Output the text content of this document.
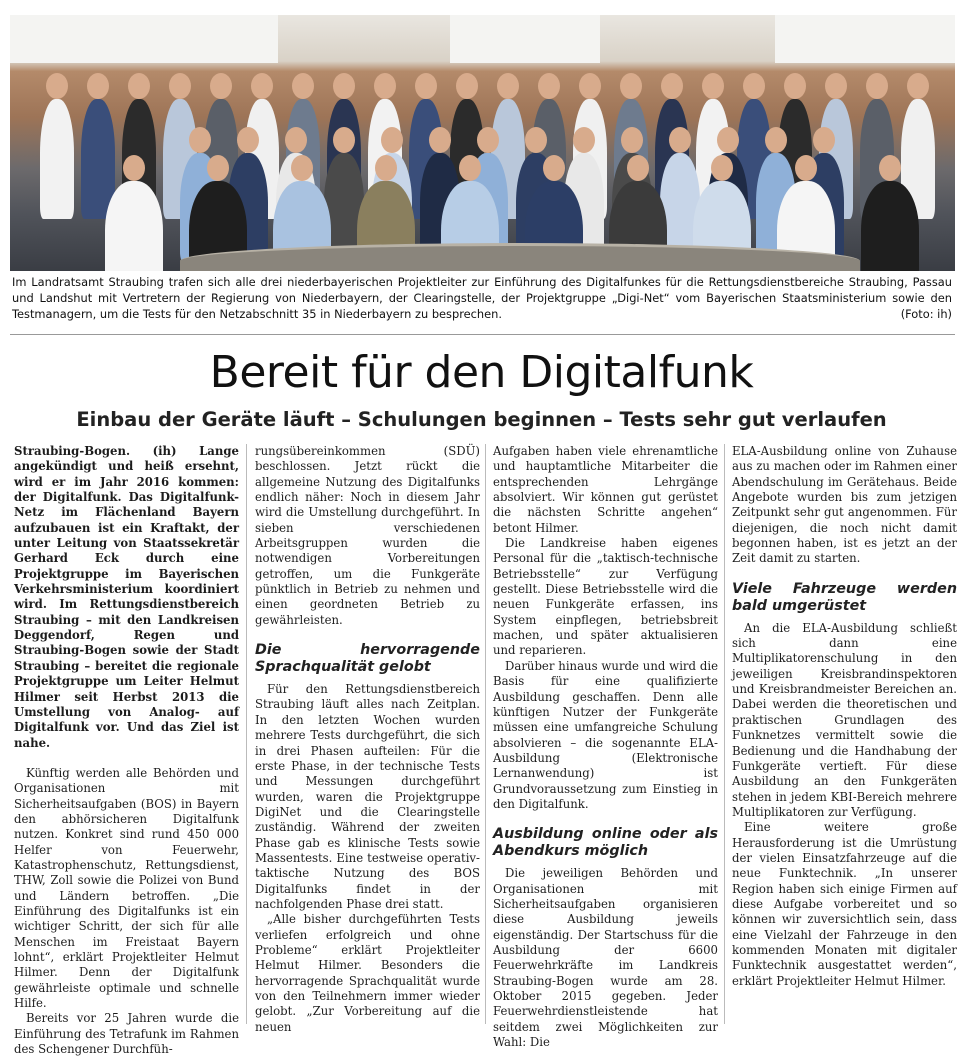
Im Landratsamt Straubing trafen sich alle drei niederbayerischen Projektleiter zur Einführung des Digitalfunkes für die Rettungsdienstbereiche Straubing, Passau und Landshut mit Vertretern der Regierung von Niederbayern, der Clearingstelle, der Projektgruppe „Digi-Net“ vom Bayerischen Staatsministerium sowie den Testmanagern, um die Tests für den Netzabschnitt 35 in Niederbayern zu besprechen.	(Foto: ih)
Bereit für den Digitalfunk
Einbau der Geräte läuft – Schulungen beginnen – Tests sehr gut verlaufen

Straubing-Bogen. (ih) Lange angekündigt und heiß ersehnt, wird er im Jahr 2016 kommen: der Digitalfunk. Das Digitalfunk-Netz im Flächenland Bayern aufzubauen ist ein Kraftakt, der unter Leitung von Staatssekretär Gerhard Eck durch eine Projektgruppe im Bayerischen Verkehrsministerium koordiniert wird. Im Rettungsdienstbereich Straubing – mit den Landkreisen Deggendorf, Regen und Straubing-Bogen sowie der Stadt Straubing – bereitet die regionale Projektgruppe um Leiter Helmut Hilmer seit Herbst 2013 die Umstellung von Analog- auf Digitalfunk vor. Und das Ziel ist nahe.

Künftig werden alle Behörden und Organisationen mit Sicherheitsaufgaben (BOS) in Bayern den abhörsicheren Digitalfunk nutzen. Konkret sind rund 450 000 Helfer von Feuerwehr, Katastrophenschutz, Rettungsdienst, THW, Zoll sowie die Polizei von Bund und Ländern betroffen. „Die Einführung des Digitalfunks ist ein wichtiger Schritt, der sich für alle Menschen im Freistaat Bayern lohnt“, erklärt Projektleiter Helmut Hilmer. Denn der Digitalfunk gewährleiste optimale und schnelle Hilfe.

Bereits vor 25 Jahren wurde die Einführung des Tetrafunk im Rahmen des Schengener Durchfüh-

rungsübereinkommen (SDÜ) beschlossen. Jetzt rückt die allgemeine Nutzung des Digitalfunks endlich näher: Noch in diesem Jahr wird die Umstellung durchgeführt. In sieben verschiedenen Arbeitsgruppen wurden die notwendigen Vorbereitungen getroffen, um die Funkgeräte pünktlich in Betrieb zu nehmen und einen geordneten Betrieb zu gewährleisten.

Die hervorragende Sprachqualität gelobt

Für den Rettungsdienstbereich Straubing läuft alles nach Zeitplan. In den letzten Wochen wurden mehrere Tests durchgeführt, die sich in drei Phasen aufteilen: Für die erste Phase, in der technische Tests und Messungen durchgeführt wurden, waren die Projektgruppe DigiNet und die Clearingstelle zuständig. Während der zweiten Phase gab es klinische Tests sowie Massentests. Eine testweise operativ-taktische Nutzung des BOS Digitalfunks findet in der nachfolgenden Phase drei statt.

„Alle bisher durchgeführten Tests verliefen erfolgreich und ohne Probleme“ erklärt Projektleiter Helmut Hilmer. Besonders die hervorragende Sprachqualität wurde von den Teilnehmern immer wieder gelobt. „Zur Vorbereitung auf die neuen

Aufgaben haben viele ehrenamtliche und hauptamtliche Mitarbeiter die entsprechenden Lehrgänge absolviert. Wir können gut gerüstet die nächsten Schritte angehen“ betont Hilmer.

Die Landkreise haben eigenes Personal für die „taktisch-technische Betriebsstelle“ zur Verfügung gestellt. Diese Betriebsstelle wird die neuen Funkgeräte erfassen, ins System einpflegen, betriebsbreit machen, und später aktualisieren und reparieren.

Darüber hinaus wurde und wird die Basis für eine qualifizierte Ausbildung geschaffen. Denn alle künftigen Nutzer der Funkgeräte müssen eine umfangreiche Schulung absolvieren – die sogenannte ELA-Ausbildung (Elektronische Lernanwendung) ist Grundvoraussetzung zum Einstieg in den Digitalfunk.

Ausbildung online oder als Abendkurs möglich

Die jeweiligen Behörden und Organisationen mit Sicherheitsaufgaben organisieren diese Ausbildung jeweils eigenständig. Der Startschuss für die Ausbildung der 6600 Feuerwehrkräfte im Landkreis Straubing-Bogen wurde am 28. Oktober 2015 gegeben. Jeder Feuerwehrdienstleistende hat seitdem zwei Möglichkeiten zur Wahl: Die

ELA-Ausbildung online von Zuhause aus zu machen oder im Rahmen einer Abendschulung im Gerätehaus. Beide Angebote wurden bis zum jetzigen Zeitpunkt sehr gut angenommen. Für diejenigen, die noch nicht damit begonnen haben, ist es jetzt an der Zeit damit zu starten.

Viele Fahrzeuge werden bald umgerüstet

An die ELA-Ausbildung schließt sich dann eine Multiplikatorenschulung in den jeweiligen Kreisbrandinspektoren und Kreisbrandmeister Bereichen an. Dabei werden die theoretischen und praktischen Grundlagen des Funknetzes vermittelt sowie die Bedienung und die Handhabung der Funkgeräte vertieft. Für diese Ausbildung an den Funkgeräten stehen in jedem KBI-Bereich mehrere Multiplikatoren zur Verfügung.

Eine weitere große Herausforderung ist die Umrüstung der vielen Einsatzfahrzeuge auf die neue Funktechnik. „In unserer Region haben sich einige Firmen auf diese Aufgabe vorbereitet und so können wir zuversichtlich sein, dass eine Vielzahl der Fahrzeuge in den kommenden Monaten mit digitaler Funktechnik ausgestattet werden“, erklärt Projektleiter Helmut Hilmer.
